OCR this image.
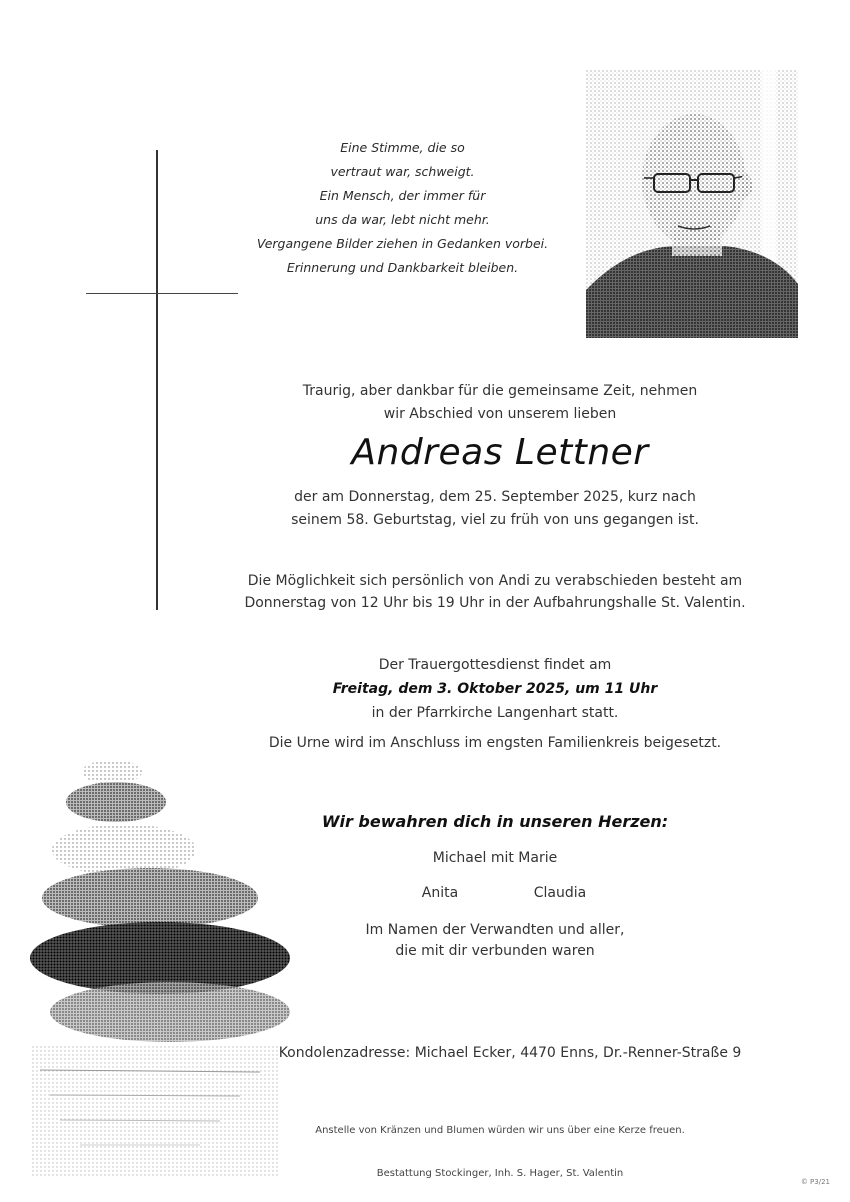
Eine Stimme, die so
vertraut war, schweigt.
Ein Mensch, der immer für
uns da war, lebt nicht mehr.
Vergangene Bilder ziehen in Gedanken vorbei.
Erinnerung und Dankbarkeit bleiben.
Traurig, aber dankbar für die gemeinsame Zeit, nehmen
wir Abschied von unserem lieben
Andreas Lettner
der am Donnerstag, dem 25. September 2025, kurz nach
seinem 58. Geburtstag, viel zu früh von uns gegangen ist.
Die Möglichkeit sich persönlich von Andi zu verabschieden besteht am
Donnerstag von 12 Uhr bis 19 Uhr in der Aufbahrungshalle St. Valentin.
Der Trauergottesdienst findet am
Freitag, dem 3. Oktober 2025, um 11 Uhr
in der Pfarrkirche Langenhart statt.
Die Urne wird im Anschluss im engsten Familienkreis beigesetzt.
Wir bewahren dich in unseren Herzen:
Michael mit Marie
Anita	Claudia
Im Namen der Verwandten und aller,
die mit dir verbunden waren
Kondolenzadresse: Michael Ecker, 4470 Enns, Dr.-Renner-Straße 9
Anstelle von Kränzen und Blumen würden wir uns über eine Kerze freuen.
Bestattung Stockinger, Inh. S. Hager, St. Valentin
© P3/21
